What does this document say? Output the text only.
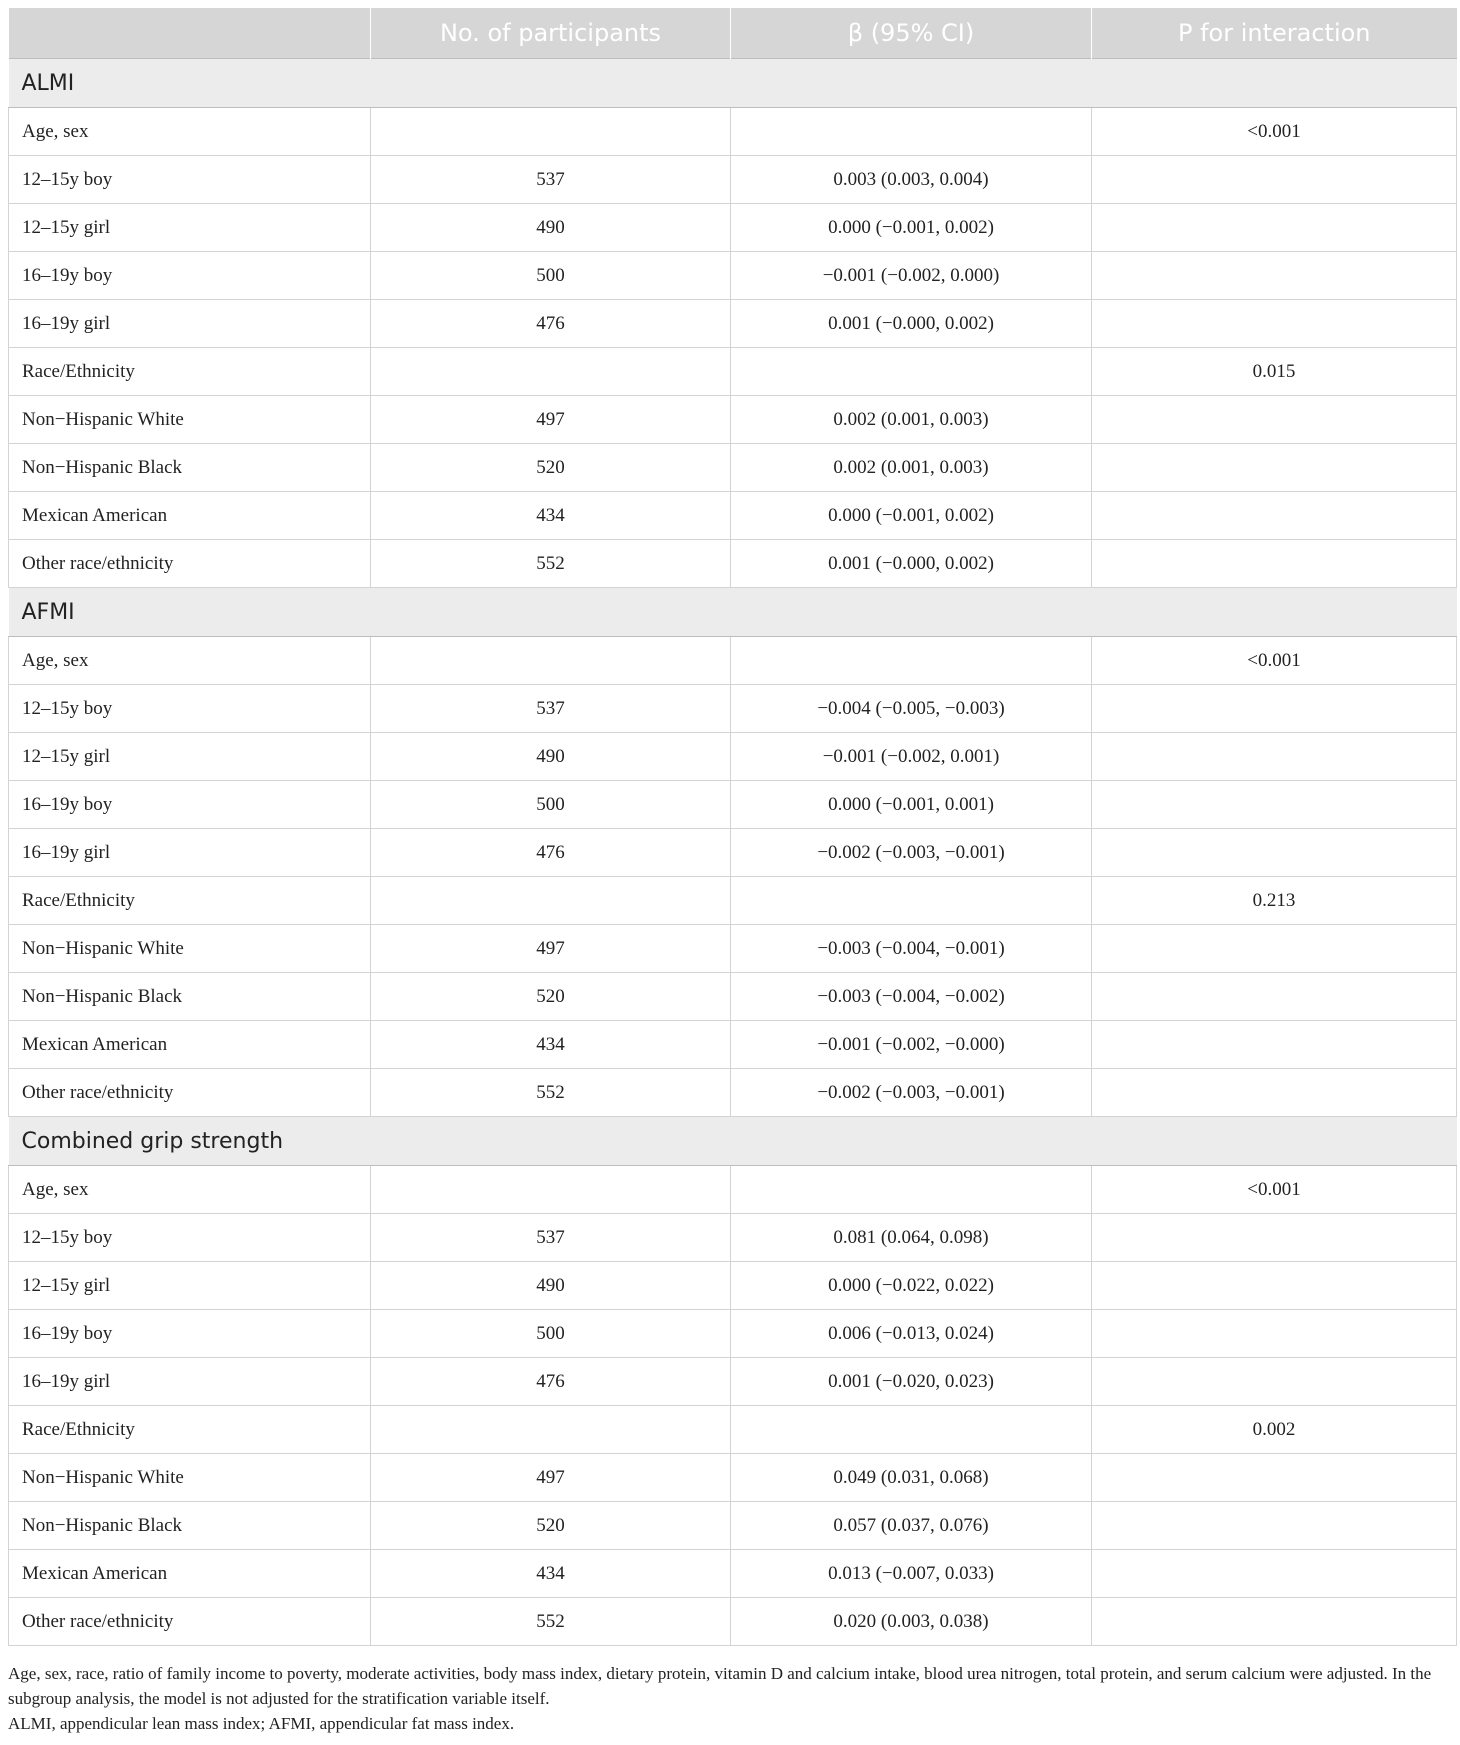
	No. of participants	β (95% CI)	P for interaction
ALMI			
Age, sex			<0.001
12–15y boy	537	0.003 (0.003, 0.004)	
12–15y girl	490	0.000 (−0.001, 0.002)	
16–19y boy	500	−0.001 (−0.002, 0.000)	
16–19y girl	476	0.001 (−0.000, 0.002)	
Race/Ethnicity			0.015
Non−Hispanic White	497	0.002 (0.001, 0.003)	
Non−Hispanic Black	520	0.002 (0.001, 0.003)	
Mexican American	434	0.000 (−0.001, 0.002)	
Other race/ethnicity	552	0.001 (−0.000, 0.002)	
AFMI			
Age, sex			<0.001
12–15y boy	537	−0.004 (−0.005, −0.003)	
12–15y girl	490	−0.001 (−0.002, 0.001)	
16–19y boy	500	0.000 (−0.001, 0.001)	
16–19y girl	476	−0.002 (−0.003, −0.001)	
Race/Ethnicity			0.213
Non−Hispanic White	497	−0.003 (−0.004, −0.001)	
Non−Hispanic Black	520	−0.003 (−0.004, −0.002)	
Mexican American	434	−0.001 (−0.002, −0.000)	
Other race/ethnicity	552	−0.002 (−0.003, −0.001)	
Combined grip strength			
Age, sex			<0.001
12–15y boy	537	0.081 (0.064, 0.098)	
12–15y girl	490	0.000 (−0.022, 0.022)	
16–19y boy	500	0.006 (−0.013, 0.024)	
16–19y girl	476	0.001 (−0.020, 0.023)	
Race/Ethnicity			0.002
Non−Hispanic White	497	0.049 (0.031, 0.068)	
Non−Hispanic Black	520	0.057 (0.037, 0.076)	
Mexican American	434	0.013 (−0.007, 0.033)	
Other race/ethnicity	552	0.020 (0.003, 0.038)	

Age, sex, race, ratio of family income to poverty, moderate activities, body mass index, dietary protein, vitamin D and calcium intake, blood urea nitrogen, total protein, and serum calcium were adjusted. In the subgroup analysis, the model is not adjusted for the stratification variable itself.

ALMI, appendicular lean mass index; AFMI, appendicular fat mass index.
